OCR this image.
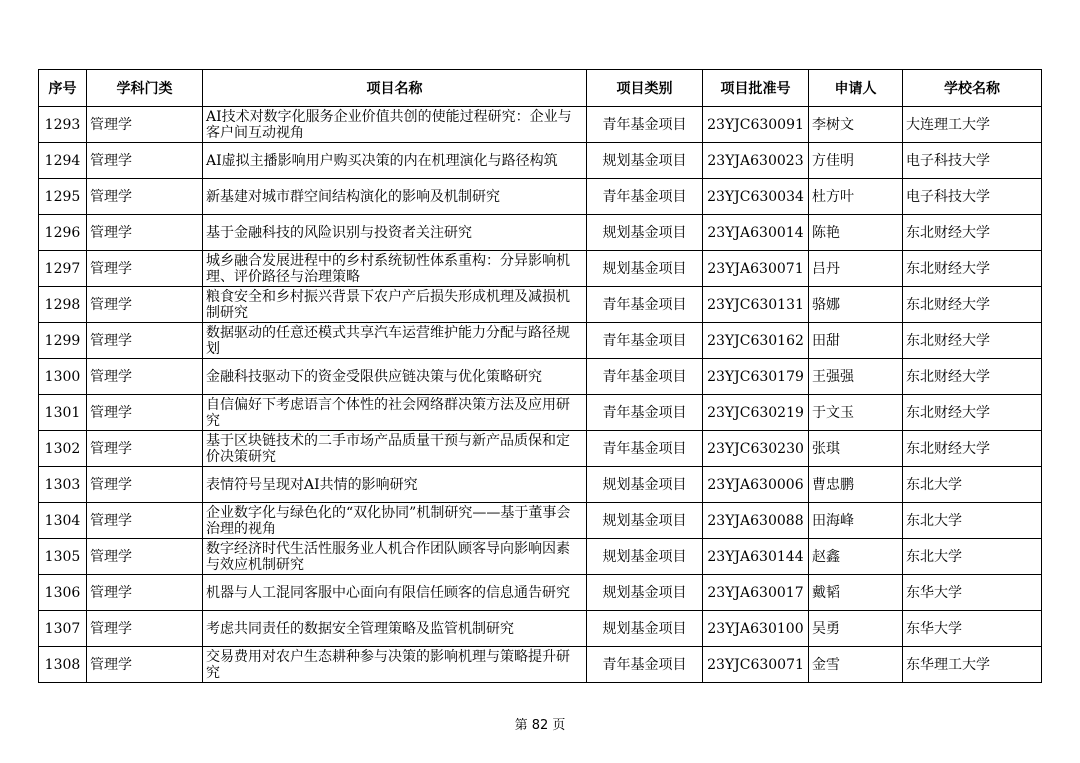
序号	学科门类	项目名称	项目类别	项目批准号	申请人	学校名称
1293	管理学	AI技术对数字化服务企业价值共创的使能过程研究：企业与客户间互动视角	青年基金项目	23YJC630091	李树文	大连理工大学
1294	管理学	AI虚拟主播影响用户购买决策的内在机理演化与路径构筑	规划基金项目	23YJA630023	方佳明	电子科技大学
1295	管理学	新基建对城市群空间结构演化的影响及机制研究	青年基金项目	23YJC630034	杜方叶	电子科技大学
1296	管理学	基于金融科技的风险识别与投资者关注研究	规划基金项目	23YJA630014	陈艳	东北财经大学
1297	管理学	城乡融合发展进程中的乡村系统韧性体系重构：分异影响机理、评价路径与治理策略	规划基金项目	23YJA630071	吕丹	东北财经大学
1298	管理学	粮食安全和乡村振兴背景下农户产后损失形成机理及减损机制研究	青年基金项目	23YJC630131	骆娜	东北财经大学
1299	管理学	数据驱动的任意还模式共享汽车运营维护能力分配与路径规划	青年基金项目	23YJC630162	田甜	东北财经大学
1300	管理学	金融科技驱动下的资金受限供应链决策与优化策略研究	青年基金项目	23YJC630179	王强强	东北财经大学
1301	管理学	自信偏好下考虑语言个体性的社会网络群决策方法及应用研究	青年基金项目	23YJC630219	于文玉	东北财经大学
1302	管理学	基于区块链技术的二手市场产品质量干预与新产品质保和定价决策研究	青年基金项目	23YJC630230	张琪	东北财经大学
1303	管理学	表情符号呈现对AI共情的影响研究	规划基金项目	23YJA630006	曹忠鹏	东北大学
1304	管理学	企业数字化与绿色化的“双化协同”机制研究——基于董事会治理的视角	规划基金项目	23YJA630088	田海峰	东北大学
1305	管理学	数字经济时代生活性服务业人机合作团队顾客导向影响因素与效应机制研究	规划基金项目	23YJA630144	赵鑫	东北大学
1306	管理学	机器与人工混同客服中心面向有限信任顾客的信息通告研究	规划基金项目	23YJA630017	戴韬	东华大学
1307	管理学	考虑共同责任的数据安全管理策略及监管机制研究	规划基金项目	23YJA630100	吴勇	东华大学
1308	管理学	交易费用对农户生态耕种参与决策的影响机理与策略提升研究	青年基金项目	23YJC630071	金雪	东华理工大学
第 82 页
